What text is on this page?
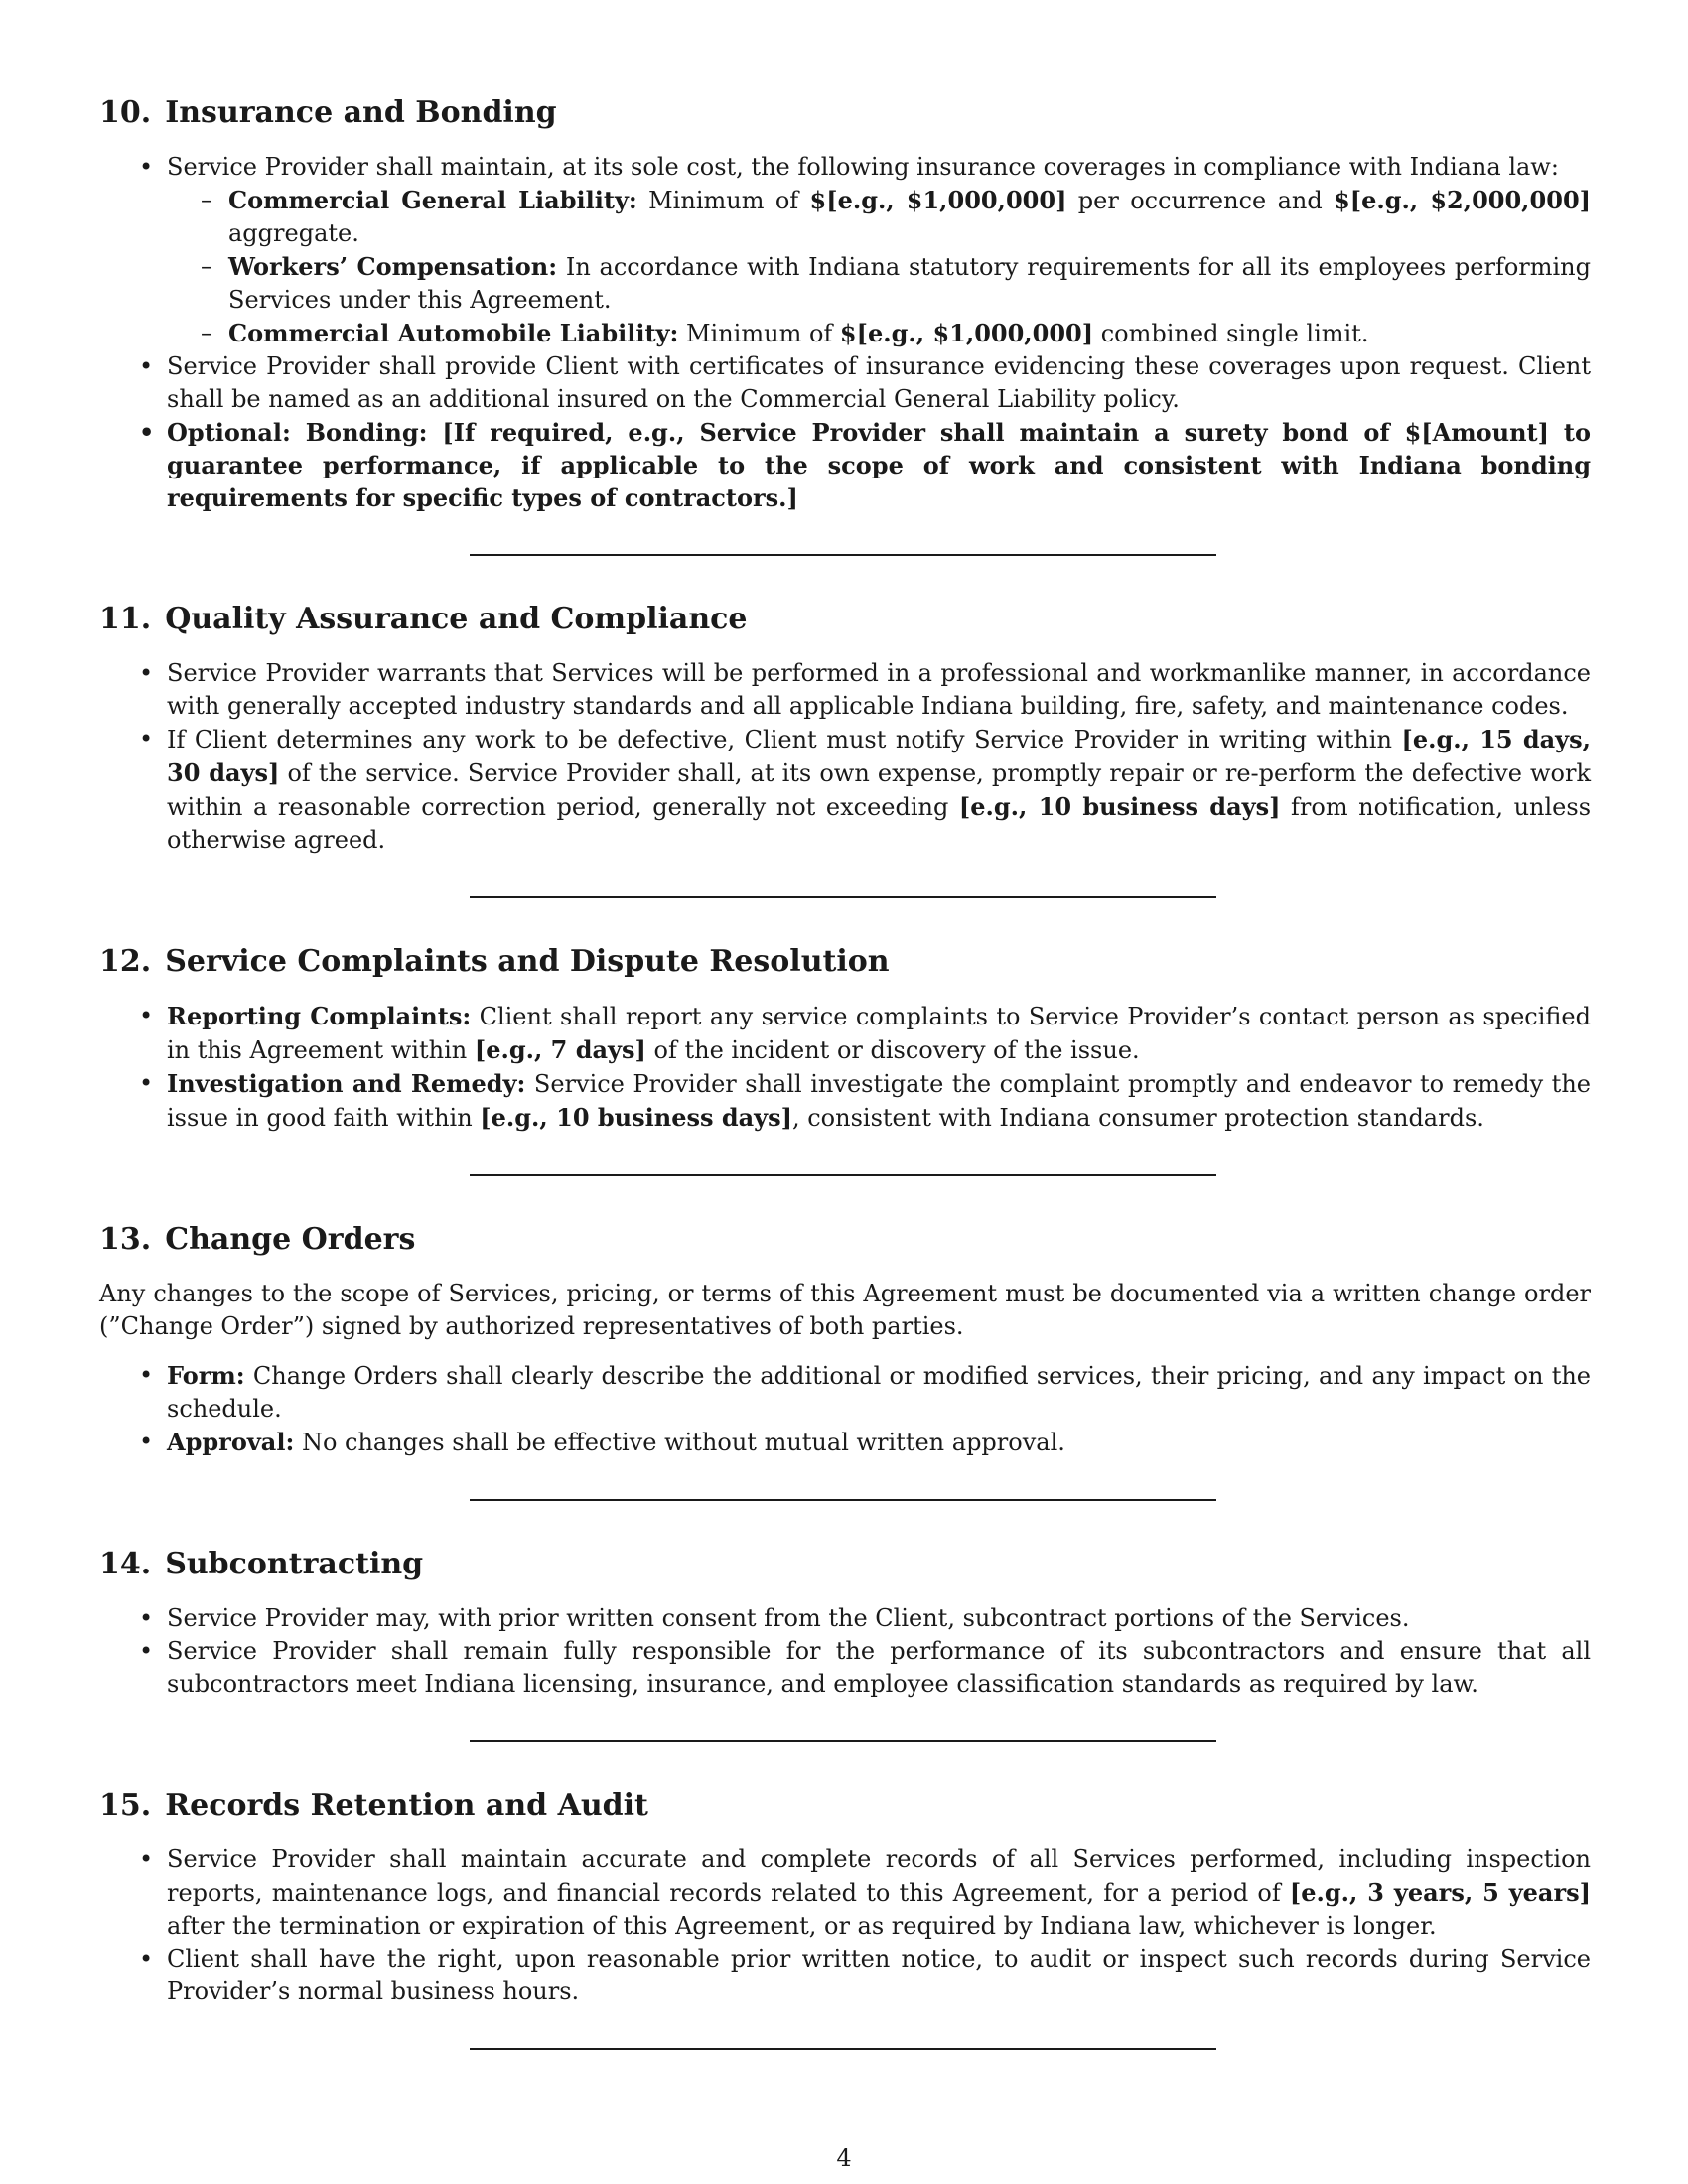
10. Insurance and Bonding
• Service Provider shall maintain, at its sole cost, the following insurance coverages in compliance with Indiana law:
– Commercial General Liability: Minimum of $[e.g., $1,000,000] per occurrence and $[e.g., $2,000,000] aggregate.
– Workers’ Compensation: In accordance with Indiana statutory requirements for all its employees performing Services under this Agreement.
– Commercial Automobile Liability: Minimum of $[e.g., $1,000,000] combined single limit.
• Service Provider shall provide Client with certificates of insurance evidencing these coverages upon request. Client shall be named as an additional insured on the Commercial General Liability policy.
• Optional: Bonding: [If required, e.g., Service Provider shall maintain a surety bond of $[Amount] to guarantee performance, if applicable to the scope of work and consistent with Indiana bonding requirements for specific types of contractors.]
11. Quality Assurance and Compliance
• Service Provider warrants that Services will be performed in a professional and workmanlike manner, in accordance with generally accepted industry standards and all applicable Indiana building, fire, safety, and maintenance codes.
• If Client determines any work to be defective, Client must notify Service Provider in writing within [e.g., 15 days, 30 days] of the service. Service Provider shall, at its own expense, promptly repair or re-perform the defective work within a reasonable correction period, generally not exceeding [e.g., 10 business days] from notification, unless otherwise agreed.
12. Service Complaints and Dispute Resolution
• Reporting Complaints: Client shall report any service complaints to Service Provider’s contact person as specified in this Agreement within [e.g., 7 days] of the incident or discovery of the issue.
• Investigation and Remedy: Service Provider shall investigate the complaint promptly and endeavor to remedy the issue in good faith within [e.g., 10 business days], consistent with Indiana consumer protection standards.
13. Change Orders

Any changes to the scope of Services, pricing, or terms of this Agreement must be documented via a written change order (”Change Order”) signed by authorized representatives of both parties.

• Form: Change Orders shall clearly describe the additional or modified services, their pricing, and any impact on the schedule.
• Approval: No changes shall be effective without mutual written approval.
14. Subcontracting
• Service Provider may, with prior written consent from the Client, subcontract portions of the Services.
• Service Provider shall remain fully responsible for the performance of its subcontractors and ensure that all subcontractors meet Indiana licensing, insurance, and employee classification standards as required by law.
15. Records Retention and Audit
• Service Provider shall maintain accurate and complete records of all Services performed, including inspection reports, maintenance logs, and financial records related to this Agreement, for a period of [e.g., 3 years, 5 years] after the termination or expiration of this Agreement, or as required by Indiana law, whichever is longer.
• Client shall have the right, upon reasonable prior written notice, to audit or inspect such records during Service Provider’s normal business hours.
4
